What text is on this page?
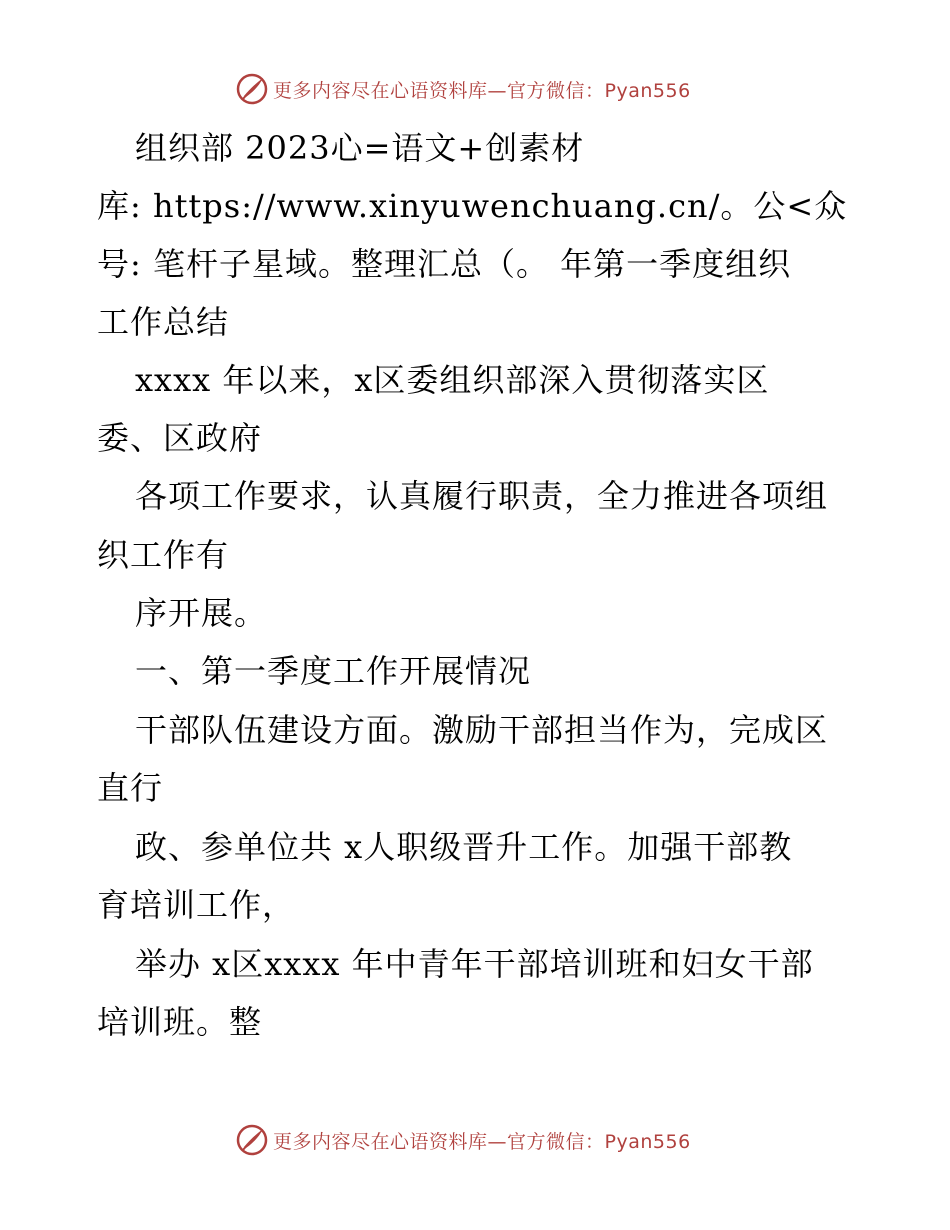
更多内容尽在心语资料库—官方微信：Pyan556
组织部 2023心=语文+创素材
库: https://www.xinyuwenchuang.cn/。公<众
号: 笔杆子星域。整理汇总（。 年第一季度组织
工作总结
xxxx 年以来，x区委组织部深入贯彻落实区
委、区政府
各项工作要求，认真履行职责，全力推进各项组
织工作有
序开展。
一、第一季度工作开展情况
干部队伍建设方面。激励干部担当作为，完成区
直行
政、参单位共 x人职级晋升工作。加强干部教
育培训工作，
举办 x区xxxx 年中青年干部培训班和妇女干部
培训班。整
更多内容尽在心语资料库—官方微信：Pyan556
